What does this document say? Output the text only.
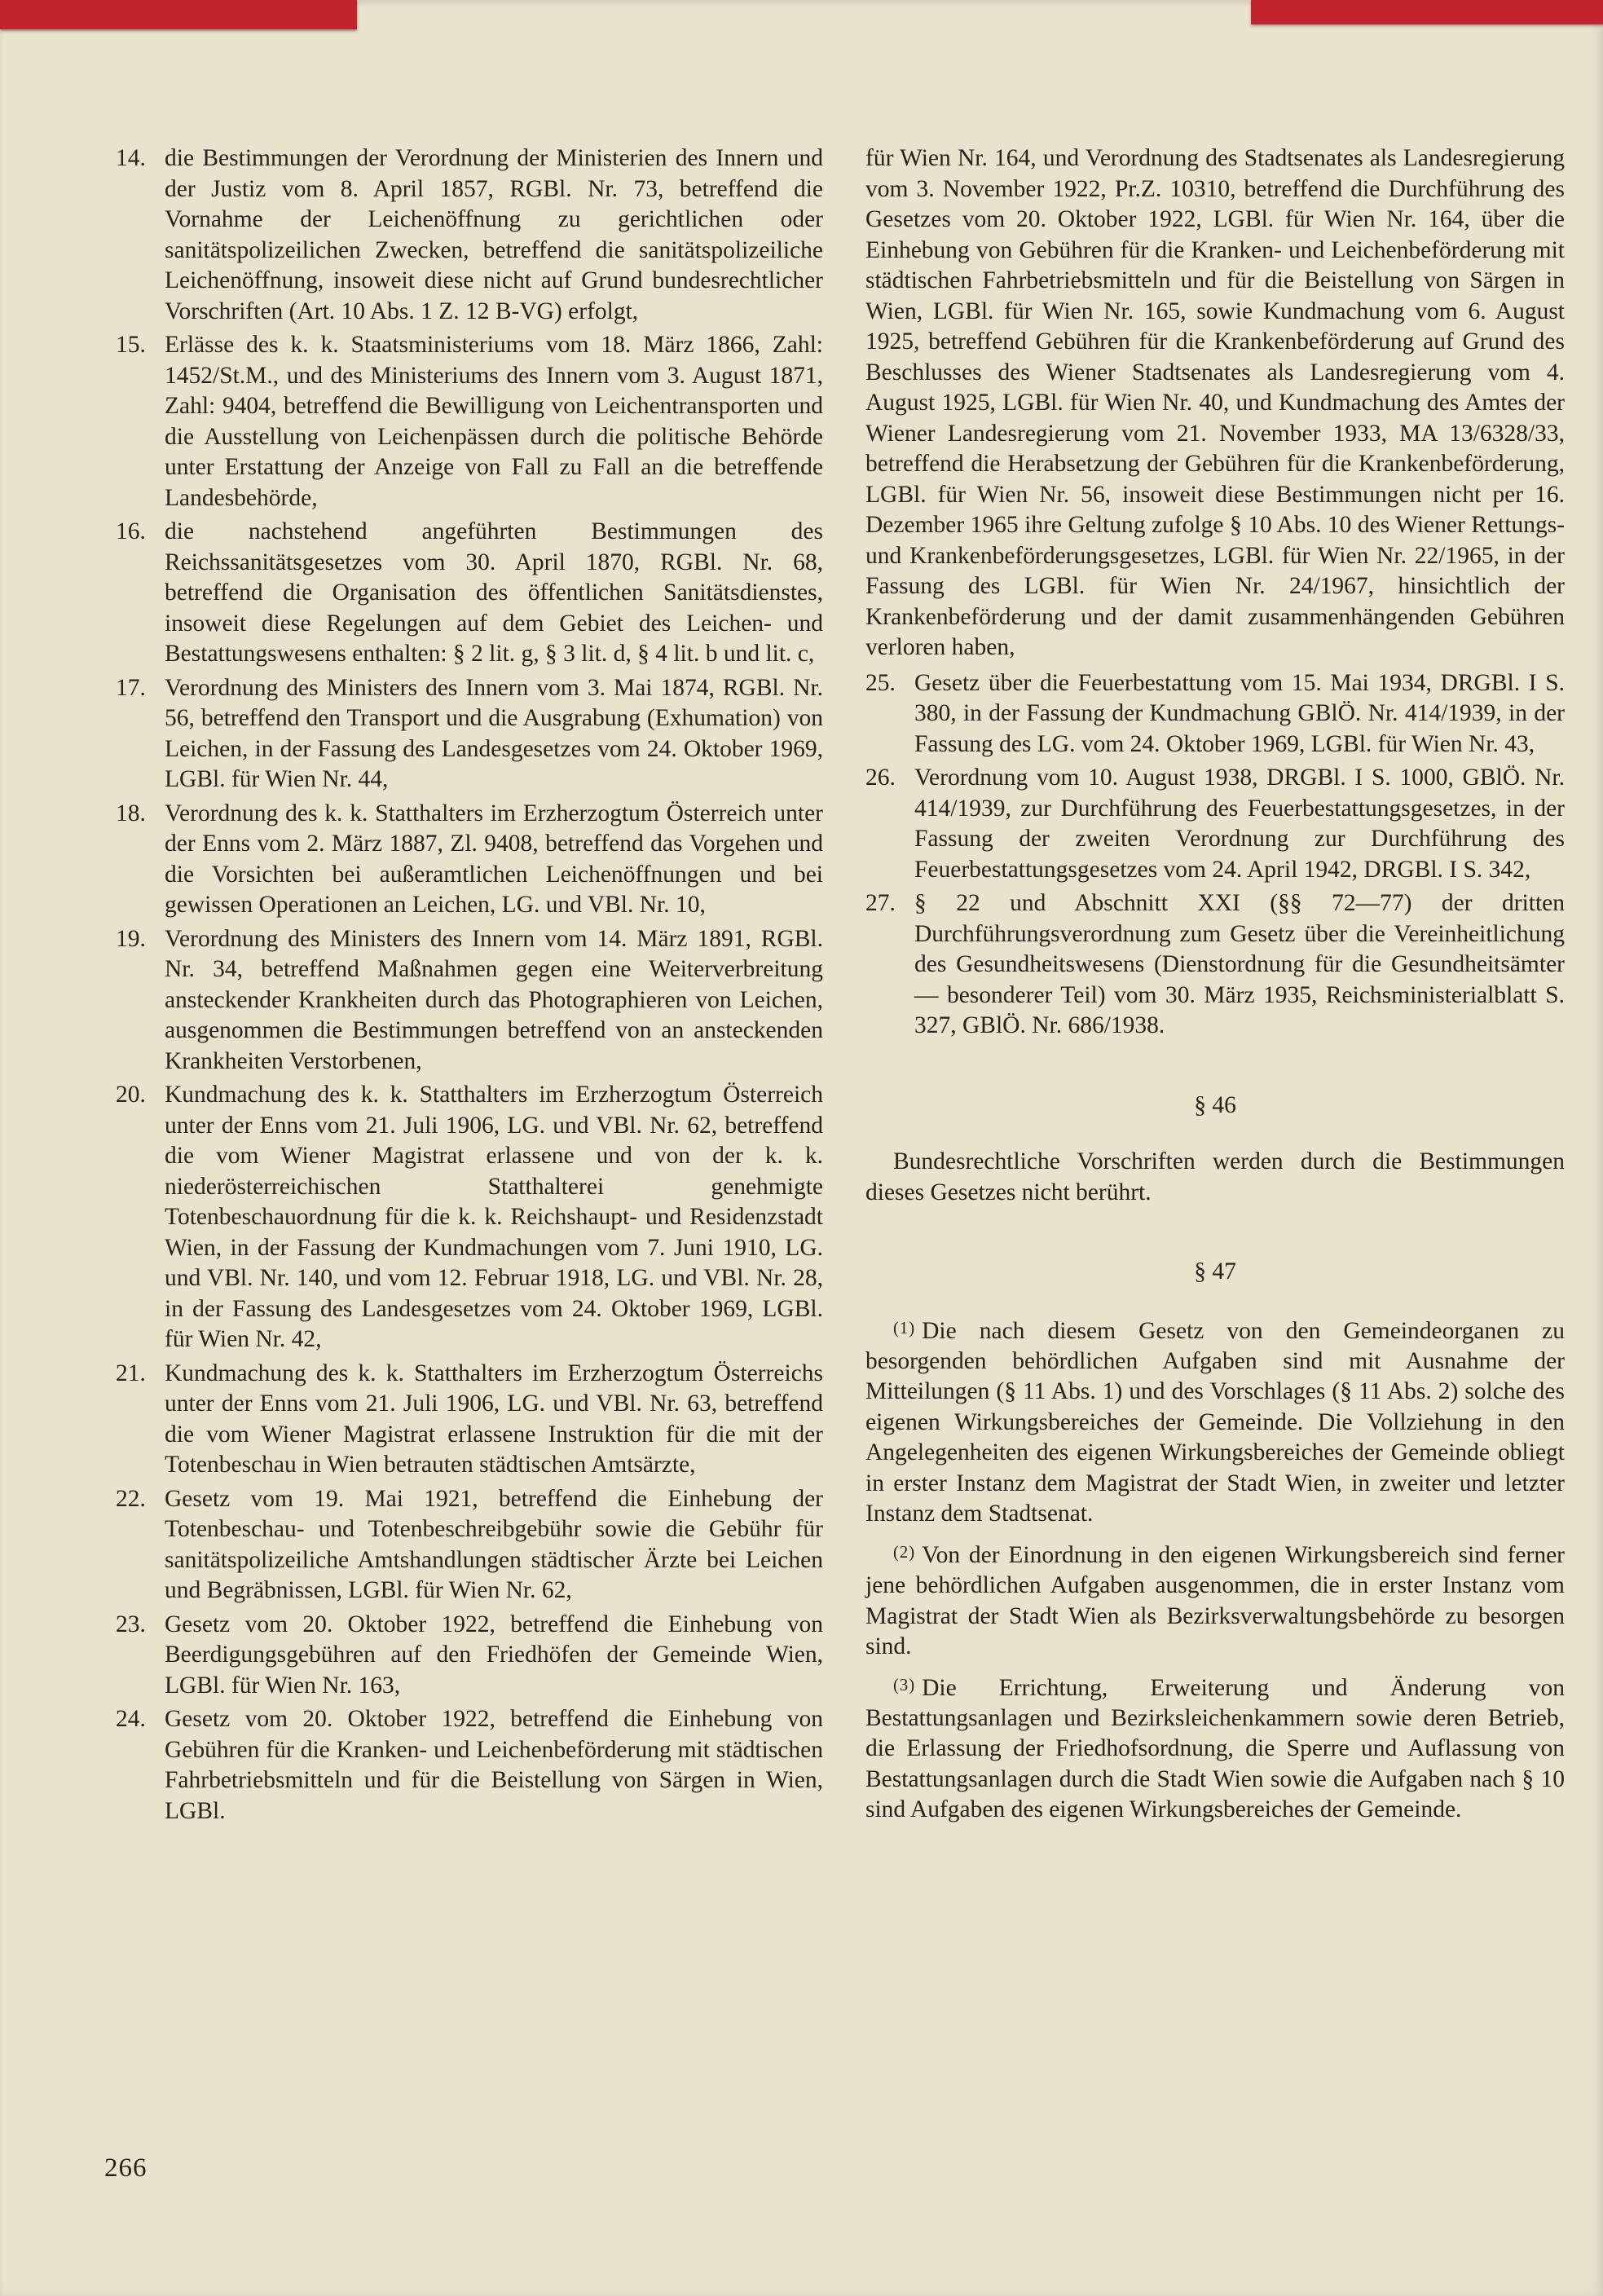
14. die Bestimmungen der Verordnung der Ministerien des Innern und der Justiz vom 8. April 1857, RGBl. Nr. 73, betreffend die Vornahme der Leichenöffnung zu gerichtlichen oder sanitätspolizeilichen Zwecken, betreffend die sanitätspolizeiliche Leichenöffnung, insoweit diese nicht auf Grund bundesrechtlicher Vorschriften (Art. 10 Abs. 1 Z. 12 B-VG) erfolgt,
15. Erlässe des k. k. Staatsministeriums vom 18. März 1866, Zahl: 1452/St.M., und des Ministeriums des Innern vom 3. August 1871, Zahl: 9404, betreffend die Bewilligung von Leichentransporten und die Ausstellung von Leichenpässen durch die politische Behörde unter Erstattung der Anzeige von Fall zu Fall an die betreffende Landesbehörde,
16. die nachstehend angeführten Bestimmungen des Reichssanitätsgesetzes vom 30. April 1870, RGBl. Nr. 68, betreffend die Organisation des öffentlichen Sanitätsdienstes, insoweit diese Regelungen auf dem Gebiet des Leichen- und Bestattungswesens enthalten: § 2 lit. g, § 3 lit. d, § 4 lit. b und lit. c,
17. Verordnung des Ministers des Innern vom 3. Mai 1874, RGBl. Nr. 56, betreffend den Transport und die Ausgrabung (Exhumation) von Leichen, in der Fassung des Landesgesetzes vom 24. Oktober 1969, LGBl. für Wien Nr. 44,
18. Verordnung des k. k. Statthalters im Erzherzogtum Österreich unter der Enns vom 2. März 1887, Zl. 9408, betreffend das Vorgehen und die Vorsichten bei außeramtlichen Leichenöffnungen und bei gewissen Operationen an Leichen, LG. und VBl. Nr. 10,
19. Verordnung des Ministers des Innern vom 14. März 1891, RGBl. Nr. 34, betreffend Maßnahmen gegen eine Weiterverbreitung ansteckender Krankheiten durch das Photographieren von Leichen, ausgenommen die Bestimmungen betreffend von an ansteckenden Krankheiten Verstorbenen,
20. Kundmachung des k. k. Statthalters im Erzherzogtum Österreich unter der Enns vom 21. Juli 1906, LG. und VBl. Nr. 62, betreffend die vom Wiener Magistrat erlassene und von der k. k. niederösterreichischen Statthalterei genehmigte Totenbeschauordnung für die k. k. Reichshaupt- und Residenzstadt Wien, in der Fassung der Kundmachungen vom 7. Juni 1910, LG. und VBl. Nr. 140, und vom 12. Februar 1918, LG. und VBl. Nr. 28, in der Fassung des Landesgesetzes vom 24. Oktober 1969, LGBl. für Wien Nr. 42,
21. Kundmachung des k. k. Statthalters im Erzherzogtum Österreichs unter der Enns vom 21. Juli 1906, LG. und VBl. Nr. 63, betreffend die vom Wiener Magistrat erlassene Instruktion für die mit der Totenbeschau in Wien betrauten städtischen Amtsärzte,
22. Gesetz vom 19. Mai 1921, betreffend die Einhebung der Totenbeschau- und Totenbeschreibgebühr sowie die Gebühr für sanitätspolizeiliche Amtshandlungen städtischer Ärzte bei Leichen und Begräbnissen, LGBl. für Wien Nr. 62,
23. Gesetz vom 20. Oktober 1922, betreffend die Einhebung von Beerdigungsgebühren auf den Friedhöfen der Gemeinde Wien, LGBl. für Wien Nr. 163,
24. Gesetz vom 20. Oktober 1922, betreffend die Einhebung von Gebühren für die Kranken- und Leichenbeförderung mit städtischen Fahrbetriebsmitteln und für die Beistellung von Särgen in Wien, LGBl.

für Wien Nr. 164, und Verordnung des Stadtsenates als Landesregierung vom 3. November 1922, Pr.Z. 10310, betreffend die Durchführung des Gesetzes vom 20. Oktober 1922, LGBl. für Wien Nr. 164, über die Einhebung von Gebühren für die Kranken- und Leichenbeförderung mit städtischen Fahrbetriebsmitteln und für die Beistellung von Särgen in Wien, LGBl. für Wien Nr. 165, sowie Kundmachung vom 6. August 1925, betreffend Gebühren für die Krankenbeförderung auf Grund des Beschlusses des Wiener Stadtsenates als Landesregierung vom 4. August 1925, LGBl. für Wien Nr. 40, und Kundmachung des Amtes der Wiener Landesregierung vom 21. November 1933, MA 13/6328/33, betreffend die Herabsetzung der Gebühren für die Krankenbeförderung, LGBl. für Wien Nr. 56, insoweit diese Bestimmungen nicht per 16. Dezember 1965 ihre Geltung zufolge § 10 Abs. 10 des Wiener Rettungs- und Krankenbeförderungsgesetzes, LGBl. für Wien Nr. 22/1965, in der Fassung des LGBl. für Wien Nr. 24/1967, hinsichtlich der Krankenbeförderung und der damit zusammenhängenden Gebühren verloren haben,

25. Gesetz über die Feuerbestattung vom 15. Mai 1934, DRGBl. I S. 380, in der Fassung der Kundmachung GBlÖ. Nr. 414/1939, in der Fassung des LG. vom 24. Oktober 1969, LGBl. für Wien Nr. 43,
26. Verordnung vom 10. August 1938, DRGBl. I S. 1000, GBlÖ. Nr. 414/1939, zur Durchführung des Feuerbestattungsgesetzes, in der Fassung der zweiten Verordnung zur Durchführung des Feuerbestattungsgesetzes vom 24. April 1942, DRGBl. I S. 342,
27. § 22 und Abschnitt XXI (§§ 72—77) der dritten Durchführungsverordnung zum Gesetz über die Vereinheitlichung des Gesundheitswesens (Dienstordnung für die Gesundheitsämter — besonderer Teil) vom 30. März 1935, Reichsministerialblatt S. 327, GBlÖ. Nr. 686/1938.
§ 46

Bundesrechtliche Vorschriften werden durch die Bestimmungen dieses Gesetzes nicht berührt.

§ 47

(1) Die nach diesem Gesetz von den Gemeindeorganen zu besorgenden behördlichen Aufgaben sind mit Ausnahme der Mitteilungen (§ 11 Abs. 1) und des Vorschlages (§ 11 Abs. 2) solche des eigenen Wirkungsbereiches der Gemeinde. Die Vollziehung in den Angelegenheiten des eigenen Wirkungsbereiches der Gemeinde obliegt in erster Instanz dem Magistrat der Stadt Wien, in zweiter und letzter Instanz dem Stadtsenat.

(2) Von der Einordnung in den eigenen Wirkungsbereich sind ferner jene behördlichen Aufgaben ausgenommen, die in erster Instanz vom Magistrat der Stadt Wien als Bezirksverwaltungsbehörde zu besorgen sind.

(3) Die Errichtung, Erweiterung und Änderung von Bestattungsanlagen und Bezirksleichenkammern sowie deren Betrieb, die Erlassung der Friedhofsordnung, die Sperre und Auflassung von Bestattungsanlagen durch die Stadt Wien sowie die Aufgaben nach § 10 sind Aufgaben des eigenen Wirkungsbereiches der Gemeinde.

266
